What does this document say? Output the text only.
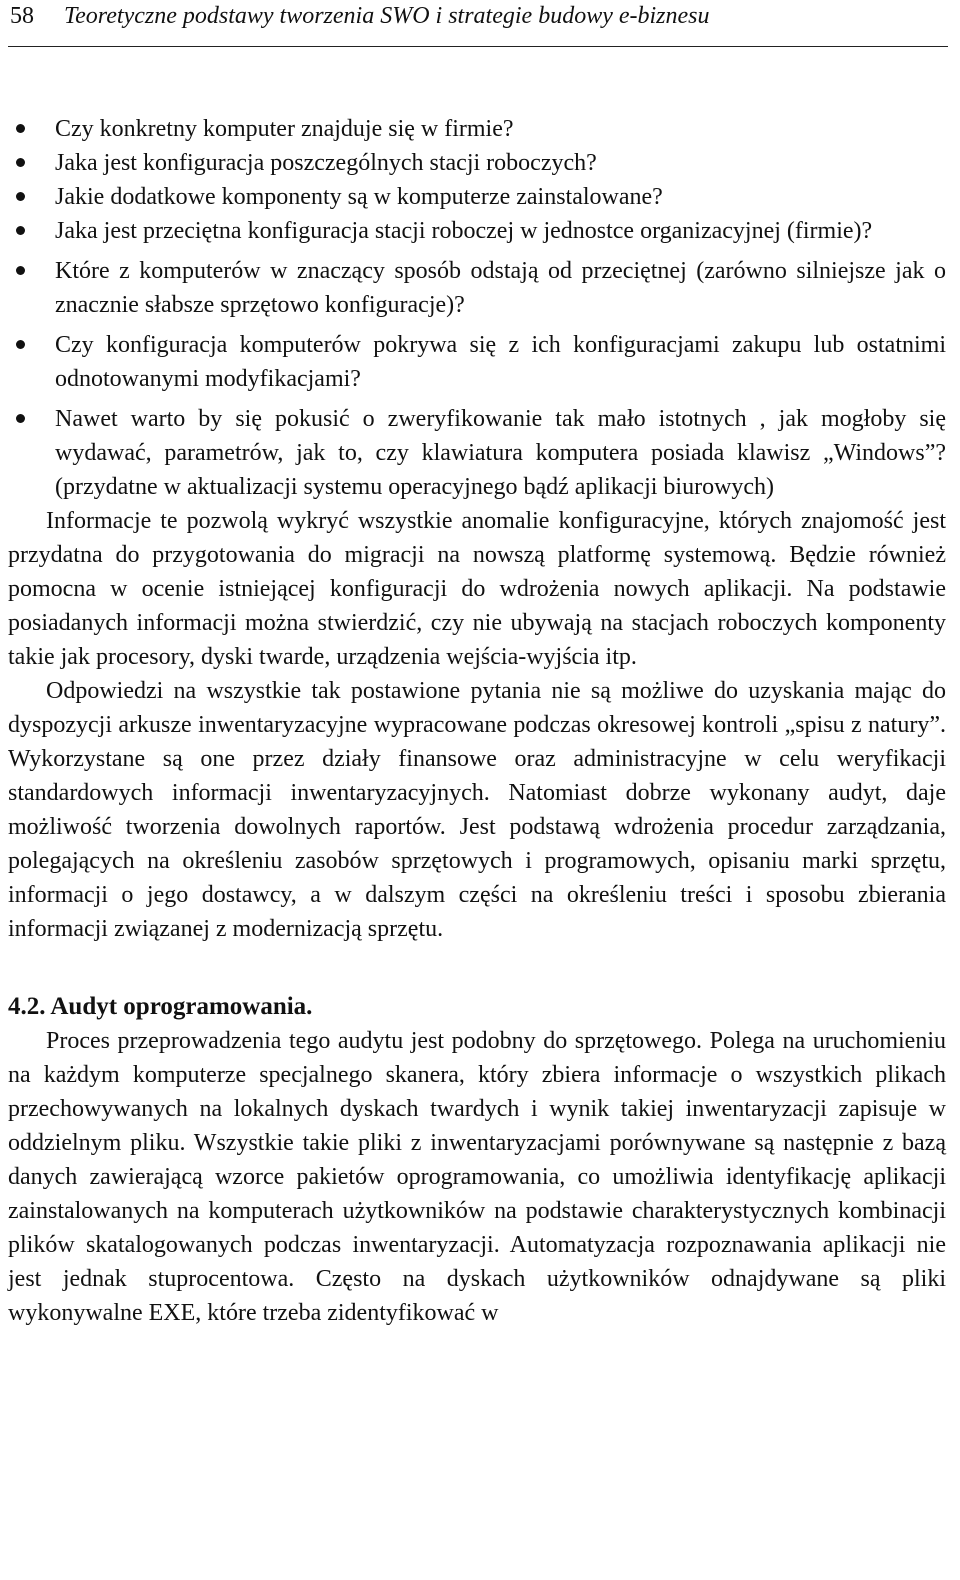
58 Teoretyczne podstawy tworzenia SWO i strategie budowy e-biznesu
Czy konkretny komputer znajduje się w firmie?
Jaka jest konfiguracja poszczególnych stacji roboczych?
Jakie dodatkowe komponenty są w komputerze zainstalowane?
Jaka jest przeciętna konfiguracja stacji roboczej w jednostce organizacyjnej (firmie)?
Które z komputerów w znaczący sposób odstają od przeciętnej (zarówno silniejsze jak o znacznie słabsze sprzętowo konfiguracje)?
Czy konfiguracja komputerów pokrywa się z ich konfiguracjami zakupu lub ostatnimi odnotowanymi modyfikacjami?
Nawet warto by się pokusić o zweryfikowanie tak mało istotnych , jak mogłoby się wydawać, parametrów, jak to, czy klawiatura komputera posiada klawisz „Windows”? (przydatne w aktualizacji systemu operacyjnego bądź aplikacji biurowych)

Informacje te pozwolą wykryć wszystkie anomalie konfiguracyjne, których znajomość jest przydatna do przygotowania do migracji na nowszą platformę systemową. Będzie również pomocna w ocenie istniejącej konfiguracji do wdrożenia nowych aplikacji. Na podstawie posiadanych informacji można stwierdzić, czy nie ubywają na stacjach roboczych komponenty takie jak procesory, dyski twarde, urządzenia wejścia-wyjścia itp.

Odpowiedzi na wszystkie tak postawione pytania nie są możliwe do uzyskania mając do dyspozycji arkusze inwentaryzacyjne wypracowane podczas okresowej kontroli „spisu z natury”. Wykorzystane są one przez działy finansowe oraz administracyjne w celu weryfikacji standardowych informacji inwentaryzacyjnych. Natomiast dobrze wykonany audyt, daje możliwość tworzenia dowolnych raportów. Jest podstawą wdrożenia procedur zarządzania, polegających na określeniu zasobów sprzętowych i programowych, opisaniu marki sprzętu, informacji o jego dostawcy, a w dalszym części na określeniu treści i sposobu zbierania informacji związanej z modernizacją sprzętu.

4.2. Audyt oprogramowania.

Proces przeprowadzenia tego audytu jest podobny do sprzętowego. Polega na uruchomieniu na każdym komputerze specjalnego skanera, który zbiera informacje o wszystkich plikach przechowywanych na lokalnych dyskach twardych i wynik takiej inwentaryzacji zapisuje w oddzielnym pliku. Wszystkie takie pliki z inwentaryzacjami porównywane są następnie z bazą danych zawierającą wzorce pakietów oprogramowania, co umożliwia identyfikację aplikacji zainstalowanych na komputerach użytkowników na podstawie charakterystycznych kombinacji plików skatalogowanych podczas inwentaryzacji. Automatyzacja rozpoznawania aplikacji nie jest jednak stuprocentowa. Często na dyskach użytkowników odnajdywane są pliki wykonywalne EXE, które trzeba zidentyfikować w
